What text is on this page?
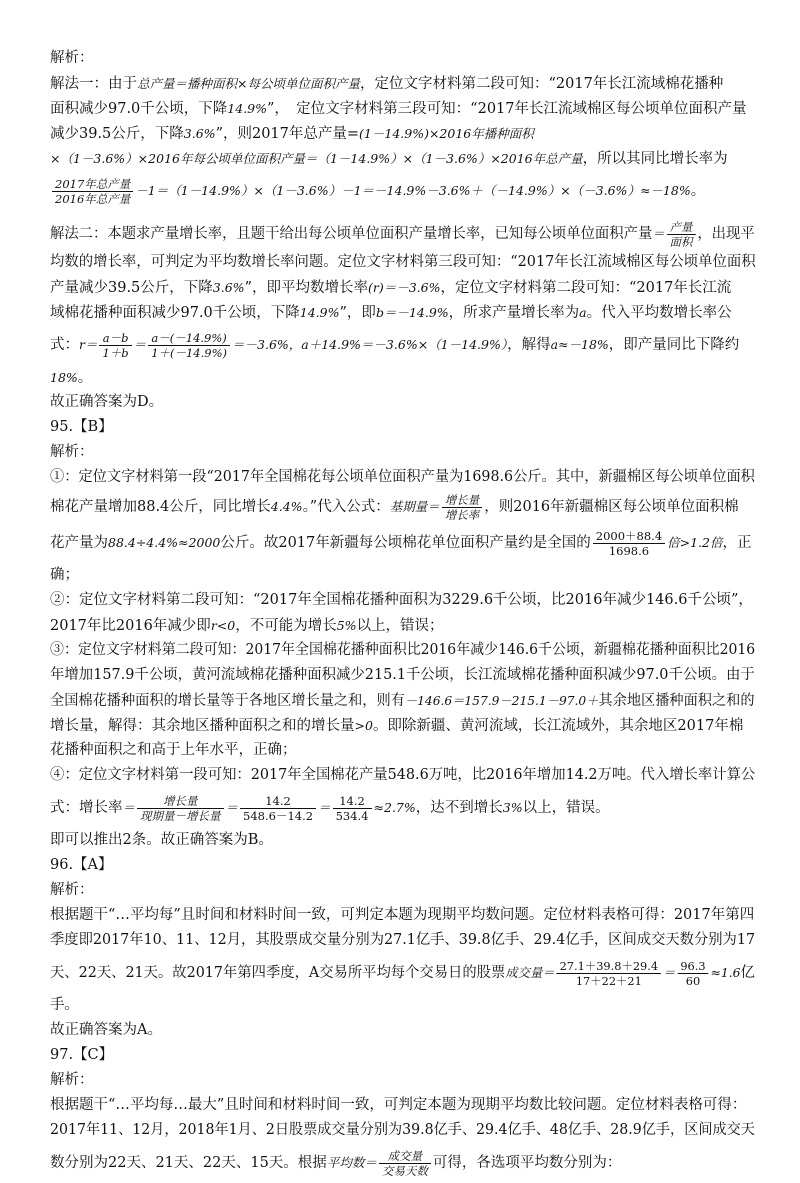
解析：
解法一：由于总产量＝播种面积×每公顷单位面积产量，定位文字材料第二段可知：“2017年长江流域棉花播种
面积减少97.0千公顷，下降14.9%”，　定位文字材料第三段可知：“2017年长江流域棉区每公顷单位面积产量
减少39.5公斤，下降3.6%”，则2017年总产量=(1－14.9%)×2016年播种面积
×（1－3.6%）×2016年每公顷单位面积产量＝（1－14.9%）×（1－3.6%）×2016年总产量，所以其同比增长率为
$\frac{\text{2017年总产量}}{\text{2016年总产量}} -1=(1-14.9\%)\times(1-3.6\%)-1=-14.9\%-3.6\%+(-14.9\%)\times(-3.6\%)\approx-18\%$。
解法二：本题求产量增长率，且题干给出每公顷单位面积产量增长率，已知每公顷单位面积产量＝ $\frac{\text{产量}}{\text{面积}}$ ，出现平
均数的增长率，可判定为平均数增长率问题。定位文字材料第三段可知：“2017年长江流域棉区每公顷单位面积
产量减少39.5公斤，下降3.6%”，即平均数增长率(r)＝－3.6%，定位文字材料第二段可知：“2017年长江流
域棉花播种面积减少97.0千公顷，下降14.9%”，即b＝－14.9%，所求产量增长率为a。代入平均数增长率公
式：$r= \frac{a-b}{1+b} = \frac{a-(-14.9\%)}{1+(-14.9\%)} =-3.6\%$，a＋14.9%＝－3.6%×（1－14.9%），解得a≈－18%，即产量同比下降约
18%。
故正确答案为D。
95.【B】
解析：
①：定位文字材料第一段“2017年全国棉花每公顷单位面积产量为1698.6公斤。其中，新疆棉区每公顷单位面积
棉花产量增加88.4公斤，同比增长4.4%。”代入公式：基期量＝ $\frac{\text{增长量}}{\text{增长率}}$ ，则2016年新疆棉区每公顷单位面积棉
花产量为88.4÷4.4%≈2000公斤。故2017年新疆每公顷棉花单位面积产量约是全国的 $\frac{2000+88.4}{1698.6}$ 倍>1.2倍，正
确；
②：定位文字材料第二段可知：“2017年全国棉花播种面积为3229.6千公顷，比2016年减少146.6千公顷”，
2017年比2016年减少即r<0，不可能为增长5%以上，错误；
③：定位文字材料第二段可知：2017年全国棉花播种面积比2016年减少146.6千公顷，新疆棉花播种面积比2016
年增加157.9千公顷，黄河流域棉花播种面积减少215.1千公顷，长江流域棉花播种面积减少97.0千公顷。由于
全国棉花播种面积的增长量等于各地区增长量之和，则有－146.6＝157.9－215.1－97.0＋其余地区播种面积之和的
增长量，解得：其余地区播种面积之和的增长量>0。即除新疆、黄河流域，长江流域外，其余地区2017年棉
花播种面积之和高于上年水平，正确；
④：定位文字材料第一段可知：2017年全国棉花产量548.6万吨，比2016年增加14.2万吨。代入增长率计算公
式：增长率＝ $\frac{\text{增长量}}{\text{现期量－增长量}} = \frac{14.2}{548.6-14.2} = \frac{14.2}{534.4} \approx 2.7\%$，达不到增长3%以上，错误。
即可以推出2条。故正确答案为B。
96.【A】
解析：
根据题干“…平均每”且时间和材料时间一致，可判定本题为现期平均数问题。定位材料表格可得：2017年第四
季度即2017年10、11、12月，其股票成交量分别为27.1亿手、39.8亿手、29.4亿手，区间成交天数分别为17
天、22天、21天。故2017年第四季度，A交易所平均每个交易日的股票成交量＝ $\frac{27.1+39.8+29.4}{17+22+21} = \frac{96.3}{60} \approx 1.6$亿
手。
故正确答案为A。
97.【C】
解析：
根据题干“…平均每…最大”且时间和材料时间一致，可判定本题为现期平均数比较问题。定位材料表格可得：
2017年11、12月，2018年1月、2日股票成交量分别为39.8亿手、29.4亿手、48亿手、28.9亿手，区间成交天
数分别为22天、21天、22天、15天。根据平均数＝ $\frac{\text{成交量}}{\text{交易天数}}$ 可得，各选项平均数分别为：
